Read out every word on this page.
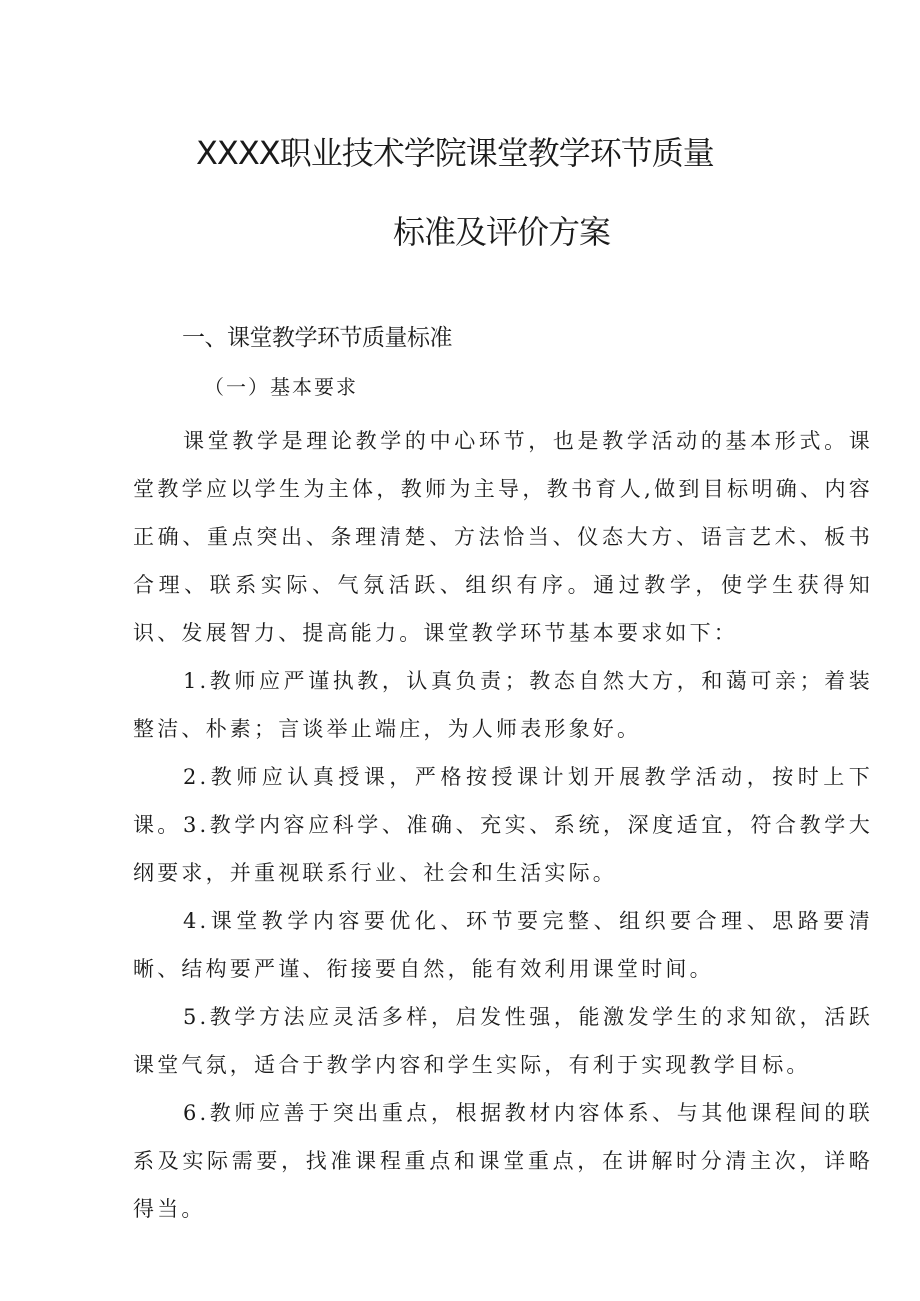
XXXX职业技术学院课堂教学环节质量
标准及评价方案
一、课堂教学环节质量标准
（一）基本要求

课堂教学是理论教学的中心环节，也是教学活动的基本形式。课堂教学应以学生为主体，教师为主导，教书育人,做到目标明确、内容正确、重点突出、条理清楚、方法恰当、仪态大方、语言艺术、板书合理、联系实际、气氛活跃、组织有序。通过教学，使学生获得知识、发展智力、提高能力。课堂教学环节基本要求如下：

1.教师应严谨执教，认真负责；教态自然大方，和蔼可亲；着装整洁、朴素；言谈举止端庄，为人师表形象好。

2.教师应认真授课，严格按授课计划开展教学活动，按时上下课。 3.教学内容应科学、准确、充实、系统，深度适宜，符合教学大纲要求，并重视联系行业、社会和生活实际。

4.课堂教学内容要优化、环节要完整、组织要合理、思路要清晰、结构要严谨、衔接要自然，能有效利用课堂时间。

5.教学方法应灵活多样，启发性强，能激发学生的求知欲，活跃课堂气氛，适合于教学内容和学生实际，有利于实现教学目标。

6.教师应善于突出重点，根据教材内容体系、与其他课程间的联系及实际需要，找准课程重点和课堂重点，在讲解时分清主次，详略得当。
